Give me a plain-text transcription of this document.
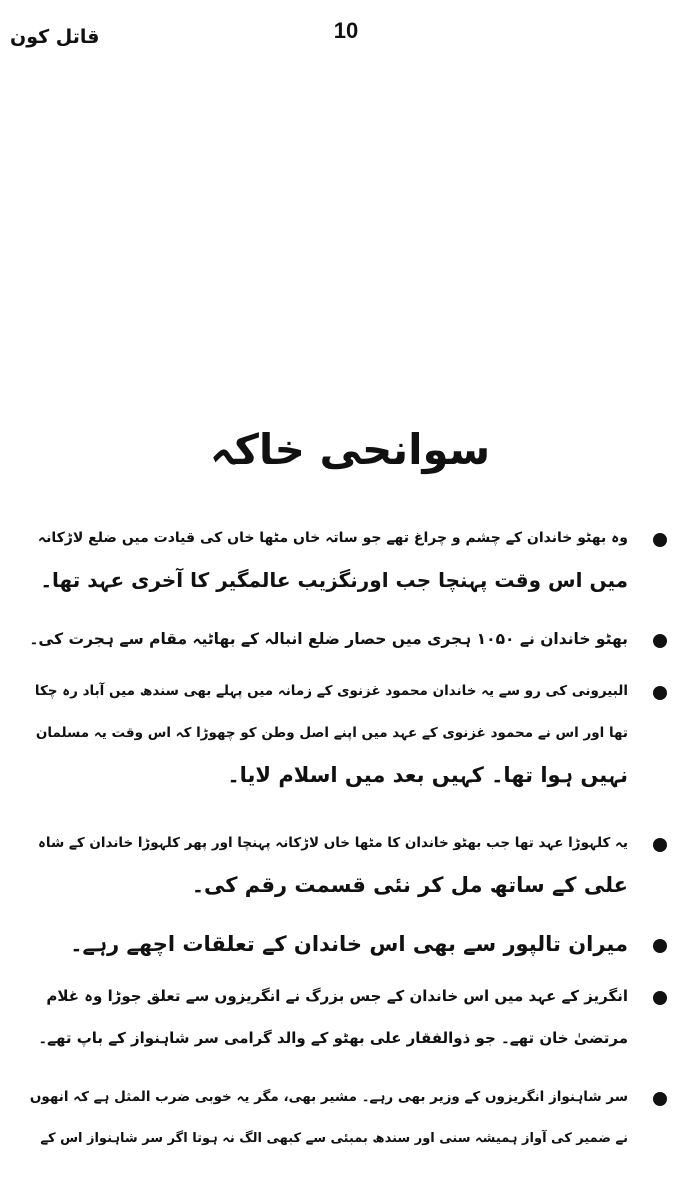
10
قاتل کون
سوانحی خاکہ
وہ بھٹو خاندان کے چشم و چراغ تھے جو ساتہ خاں مٹھا خاں کی قیادت میں ضلع لاڑکانہ
میں اس وقت پہنچا جب اورنگزیب عالمگیر کا آخری عہد تھا۔
بھٹو خاندان نے ۱۰۵۰ ہجری میں حصار ضلع انبالہ کے بھاٹیہ مقام سے ہجرت کی۔
البیرونی کی رو سے یہ خاندان محمود غزنوی کے زمانہ میں پہلے بھی سندھ میں آباد رہ چکا
تھا اور اس نے محمود غزنوی کے عہد میں اپنے اصل وطن کو چھوڑا کہ اس وقت یہ مسلمان
نہیں ہوا تھا۔ کہیں بعد میں اسلام لایا۔
یہ کلہوڑا عہد تھا جب بھٹو خاندان کا مٹھا خاں لاڑکانہ پہنچا اور پھر کلہوڑا خاندان کے شاہ
علی کے ساتھ مل کر نئی قسمت رقم کی۔
میران تالپور سے بھی اس خاندان کے تعلقات اچھے رہے۔
انگریز کے عہد میں اس خاندان کے جس بزرگ نے انگریزوں سے تعلق جوڑا وہ غلام
مرتضیٰ خان تھے۔ جو ذوالفقار علی بھٹو کے والد گرامی سر شاہنواز کے باپ تھے۔
سر شاہنواز انگریزوں کے وزیر بھی رہے۔ مشیر بھی، مگر یہ خوبی ضرب المثل ہے کہ انھوں
نے ضمیر کی آواز ہمیشہ سنی اور سندھ بمبئی سے کبھی الگ نہ ہوتا اگر سر شاہنواز اس کے
